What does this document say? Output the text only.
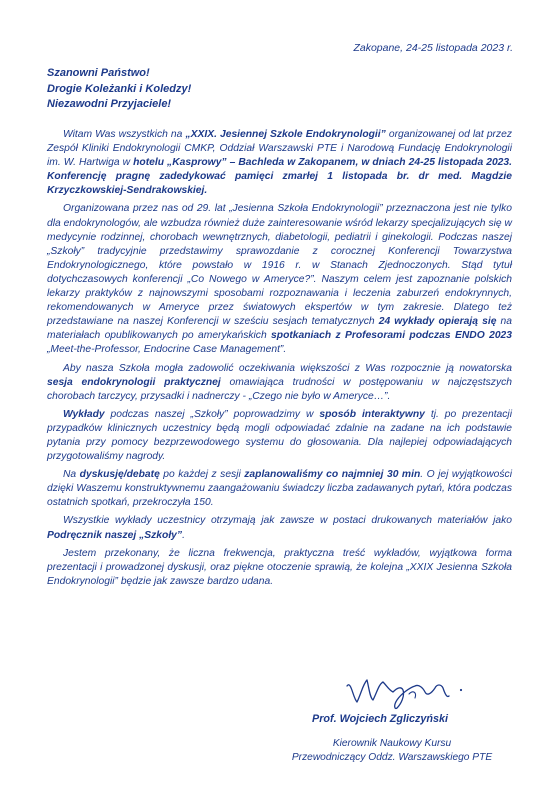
Zakopane, 24-25 listopada 2023 r.
Szanowni Państwo!
Drogie Koleżanki i Koledzy!
Niezawodni Przyjaciele!

Witam Was wszystkich na „XXIX. Jesiennej Szkole Endokrynologii” organizowanej od lat przez Zespół Kliniki Endokrynologii CMKP, Oddział Warszawski PTE i Narodową Fundację Endokrynologii im. W. Hartwiga w hotelu „Kasprowy” – Bachleda w Zakopanem, w dniach 24-25 listopada 2023. Konferencję pragnę zadedykować pamięci zmarłej 1 listopada br. dr med. Magdzie Krzyczkowskiej-Sendrakowskiej.

Organizowana przez nas od 29. lat „Jesienna Szkoła Endokrynologii” przeznaczona jest nie tylko dla endokrynologów, ale wzbudza również duże zainteresowanie wśród lekarzy specjalizujących się w medycynie rodzinnej, chorobach wewnętrznych, diabetologii, pediatrii i ginekologii. Podczas naszej „Szkoły” tradycyjnie przedstawimy sprawozdanie z corocznej Konferencji Towarzystwa Endokrynologicznego, które powstało w 1916 r. w Stanach Zjednoczonych. Stąd tytuł dotychczasowych konferencji „Co Nowego w Ameryce?”. Naszym celem jest zapoznanie polskich lekarzy praktyków z najnowszymi sposobami rozpoznawania i leczenia zaburzeń endokrynnych, rekomendowanych w Ameryce przez światowych ekspertów w tym zakresie. Dlatego też przedstawiane na naszej Konferencji w sześciu sesjach tematycznych 24 wykłady opierają się na materiałach opublikowanych po amerykańskich spotkaniach z Profesorami podczas ENDO 2023 „Meet-the-Professor, Endocrine Case Management”.

Aby nasza Szkoła mogła zadowolić oczekiwania większości z Was rozpocznie ją nowatorska sesja endokrynologii praktycznej omawiająca trudności w postępowaniu w najczęstszych chorobach tarczycy, przysadki i nadnerczy - „Czego nie było w Ameryce…”.

Wykłady podczas naszej „Szkoły” poprowadzimy w sposób interaktywny tj. po prezentacji przypadków klinicznych uczestnicy będą mogli odpowiadać zdalnie na zadane na ich podstawie pytania przy pomocy bezprzewodowego systemu do głosowania. Dla najlepiej odpowiadających przygotowaliśmy nagrody.

Na dyskusję/debatę po każdej z sesji zaplanowaliśmy co najmniej 30 min. O jej wyjątkowości dzięki Waszemu konstruktywnemu zaangażowaniu świadczy liczba zadawanych pytań, która podczas ostatnich spotkań, przekroczyła 150.

Wszystkie wykłady uczestnicy otrzymają jak zawsze w postaci drukowanych materiałów jako Podręcznik naszej „Szkoły”.

Jestem przekonany, że liczna frekwencja, praktyczna treść wykładów, wyjątkowa forma prezentacji i prowadzonej dyskusji, oraz piękne otoczenie sprawią, że kolejna „XXIX Jesienna Szkoła Endokrynologii” będzie jak zawsze bardzo udana.

Prof. Wojciech Zgliczyński
Kierownik Naukowy Kursu
Przewodniczący Oddz. Warszawskiego PTE
